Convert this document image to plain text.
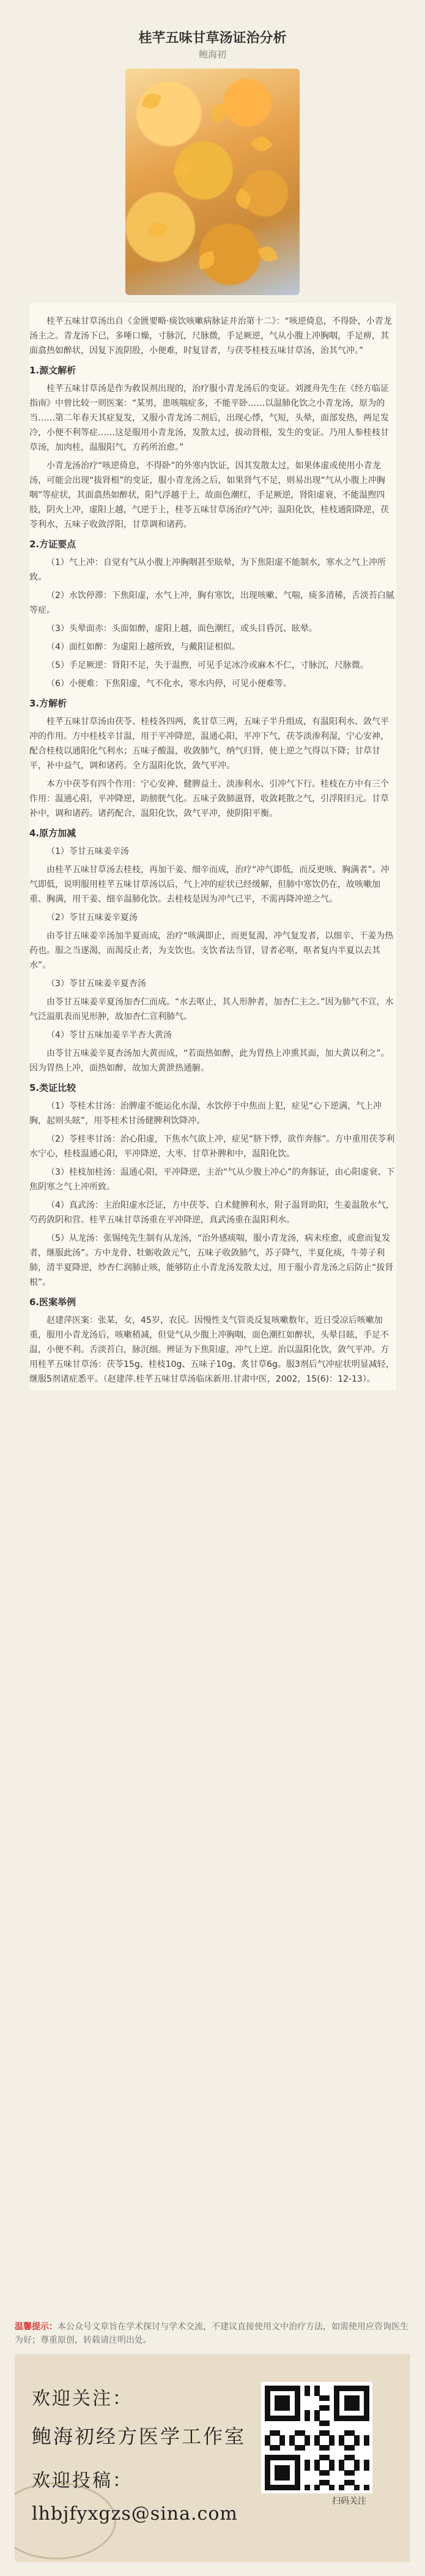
桂芊五味甘草汤证治分析
鲍海初

桂芊五味甘草汤出自《金匮要略·痰饮咳嗽病脉证并治第十二》：“咳逆倚息，不得卧，小青龙汤主之。青龙汤下已，多唾口燥，寸脉沉，尺脉微，手足厥逆，气从小腹上冲胸咽，手足痹，其面翕热如醉状，因复下流阴股，小便难，时复冒者，与茯苓桂枝五味甘草汤，治其气冲。”

1.源文解析

桂芊五味甘草汤是作为救误剂出现的，治疗服小青龙汤后的变证。刘渡舟先生在《经方临证指南》中曾比较一则医案：“某男，患咳喘症多，不能平卧……以温肺化饮之小青龙汤，原为的当……第二年春天其症复发，又服小青龙汤二剂后，出现心悸，气短，头晕，面部发热，两足发冷，小便不利等症……这是服用小青龙汤，发散太过，拔动肾根，发生的变证。乃用人参桂枝甘草汤，加肉桂，温服阳气，方药所治愈。”

小青龙汤治疗“咳逆倚息，不得卧”的外寒内饮证，因其发散太过，如果体虚或使用小青龙汤，可能会出现“拔肾根”的变证，服小青龙汤之后，如果肾气不足，则易出现“气从小腹上冲胸咽”等症状，其面翕热如醉状，阳气浮越于上，故面色潮红，手足厥逆，肾阳虚衰，不能温煦四肢，阴火上冲，虚阳上越，气逆于上，桂苓五味甘草汤治疗气冲；温阳化饮，桂枝通阳降逆，茯苓利水，五味子收敛浮阳，甘草调和诸药。

2.方证要点

（1）气上冲：自觉有气从小腹上冲胸咽甚至眩晕，为下焦阳虚不能制水，寒水之气上冲所致。

（2）水饮停滞：下焦阳虚，水气上冲，胸有寒饮，出现咳嗽、气喘，痰多清稀，舌淡苔白腻等症。

（3）头晕面赤：头面如醉，虚阳上越，面色潮红，或头目昏沉、眩晕。

（4）面红如醉：为虚阳上越所致，与戴阳证相似。

（5）手足厥逆：肾阳不足，失于温煦，可见手足冰冷或麻木不仁，寸脉沉，尺脉微。

（6）小便难：下焦阳虚，气不化水，寒水内停，可见小便难等。

3.方解析

桂芊五味甘草汤由茯苓、桂枝各四两，炙甘草三两，五味子半升组成，有温阳利水、敛气平冲的作用。方中桂枝辛甘温，用于平冲降逆，温通心阳，平冲下气，茯苓淡渗利湿，宁心安神，配合桂枝以通阳化气利水；五味子酸温，收敛肺气，纳气归肾，使上逆之气得以下降；甘草甘平，补中益气，调和诸药。全方温阳化饮，敛气平冲。

本方中茯苓有四个作用：宁心安神、健脾益土、淡渗利水、引冲气下行。桂枝在方中有三个作用：温通心阳，平冲降逆，助膀胱气化。五味子敛肺滋肾，收敛耗散之气，引浮阳归元。甘草补中，调和诸药。诸药配合，温阳化饮，敛气平冲，使阴阳平衡。

4.原方加减

（1）苓甘五味姜辛汤

由桂芊五味甘草汤去桂枝，再加干姜、细辛而成，治疗“冲气即低，而反更咳、胸满者”。冲气即低，说明服用桂芊五味甘草汤以后，气上冲的症状已经缓解，但肺中寒饮仍在，故咳嗽加重、胸满，用干姜、细辛温肺化饮。去桂枝是因为冲气已平，不需再降冲逆之气。

（2）苓甘五味姜辛夏汤

由苓甘五味姜辛汤加半夏而成，治疗“咳满即止，而更复渴，冲气复发者，以细辛、干姜为热药也。服之当遂渴，而渴反止者，为支饮也。支饮者法当冒，冒者必呕，呕者复内半夏以去其水”。

（3）苓甘五味姜辛夏杏汤

由苓甘五味姜辛夏汤加杏仁而成。“水去呕止，其人形肿者，加杏仁主之。”因为肺气不宣，水气泛溢肌表而见形肿，故加杏仁宣利肺气。

（4）苓甘五味加姜辛半杏大黄汤

由苓甘五味姜辛夏杏汤加大黄而成，“若面热如醉，此为胃热上冲熏其面，加大黄以利之”。因为胃热上冲，面热如醉，故加大黄泄热通腑。

5.类证比较

（1）苓桂术甘汤：治脾虚不能运化水湿，水饮停于中焦而上犯，症见“心下逆满，气上冲胸，起则头眩”，用苓桂术甘汤健脾利饮降冲。

（2）苓桂枣甘汤：治心阳虚，下焦水气欲上冲，症见“脐下悸，欲作奔豚”。方中重用茯苓利水宁心，桂枝温通心阳，平冲降逆，大枣、甘草补脾和中，温阳化饮。

（3）桂枝加桂汤：温通心阳，平冲降逆，主治“气从少腹上冲心”的奔豚证，由心阳虚衰、下焦阴寒之气上冲所致。

（4）真武汤：主治阳虚水泛证，方中茯苓、白术健脾利水，附子温肾助阳，生姜温散水气，芍药敛阴和营。桂芊五味甘草汤重在平冲降逆，真武汤重在温阳利水。

（5）从龙汤：张锡纯先生制有从龙汤，“治外感痰喘，服小青龙汤，病未痊愈，或愈而复发者，继服此汤”。方中龙骨、牡蛎收敛元气，五味子收敛肺气，苏子降气，半夏化痰，牛蒡子利肺，清半夏降逆，炒杏仁润肺止咳，能够防止小青龙汤发散太过，用于服小青龙汤之后防止“拔肾根”。

6.医案举例

赵建萍医案：张某，女，45岁，农民。因慢性支气管炎反复咳嗽数年，近日受凉后咳嗽加重，服用小青龙汤后，咳嗽稍减，但觉气从少腹上冲胸咽，面色潮红如醉状，头晕目眩，手足不温，小便不利。舌淡苔白，脉沉细。辨证为下焦阳虚，冲气上逆。治以温阳化饮，敛气平冲。方用桂芊五味甘草汤：茯苓15g、桂枝10g、五味子10g、炙甘草6g。服3剂后气冲症状明显减轻，继服5剂诸症悉平。（赵建萍.桂芊五味甘草汤临床新用.甘肃中医，2002，15(6)：12-13）。

温馨提示：本公众号文章旨在学术探讨与学术交流，不建议直接使用文中治疗方法，如需使用应咨询医生为好；尊重原创，转载请注明出处。
欢迎关注：
鲍海初经方医学工作室
欢迎投稿：
lhbjfyxgzs@sina.com
扫码关注
